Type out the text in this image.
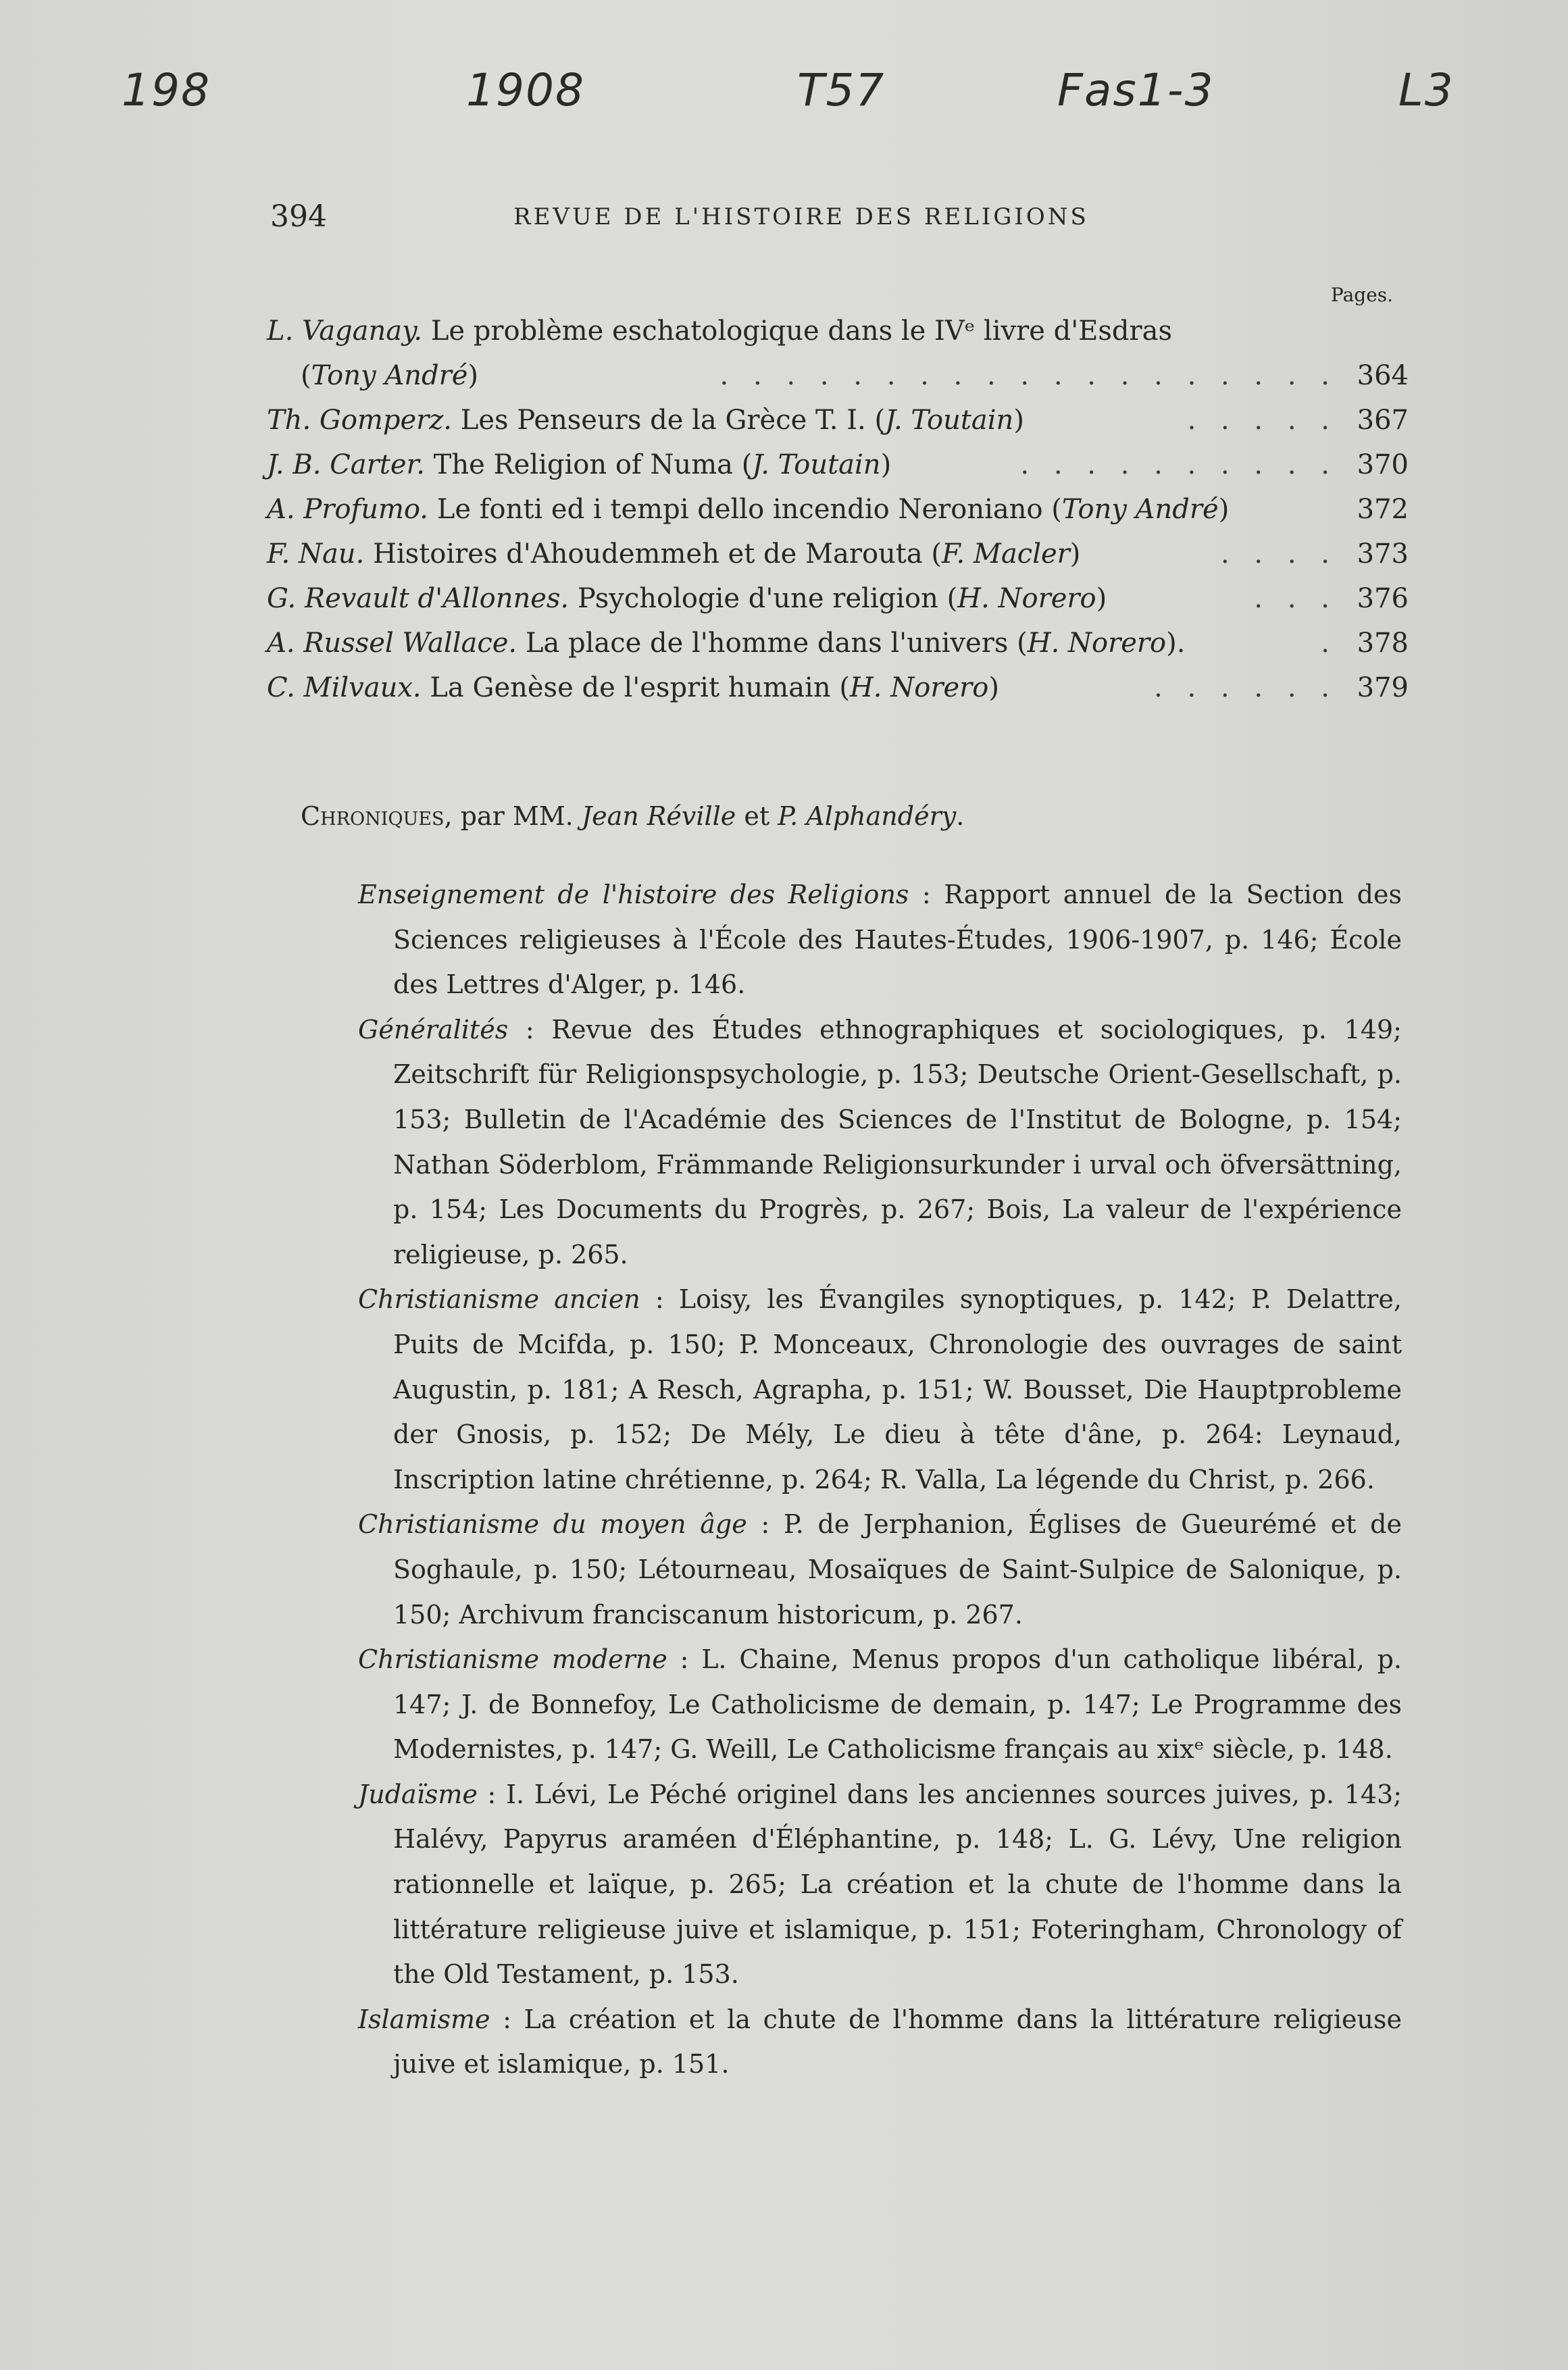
198	1908	T57	Fas1-3	L3
394	REVUE DE L'HISTOIRE DES RELIGIONS
Pages.
L. Vaganay. Le problème eschatologique dans le IVᵉ livre d'Esdras
(Tony André)	. . . . . . . . . . . . . . . . . . . 364
Th. Gomperz. Les Penseurs de la Grèce T. I. (J. Toutain)	. . . . . 367
J. B. Carter. The Religion of Numa (J. Toutain)	. . . . . . . . . . 370
A. Profumo. Le fonti ed i tempi dello incendio Neroniano (Tony André)	372
F. Nau. Histoires d'Ahoudemmeh et de Marouta (F. Macler)	. . . . 373
G. Revault d'Allonnes. Psychologie d'une religion (H. Norero)	. . . 376
A. Russel Wallace. La place de l'homme dans l'univers (H. Norero).	. 378
C. Milvaux. La Genèse de l'esprit humain (H. Norero)	. . . . . . 379
Chroniques, par MM. Jean Réville et P. Alphandéry.
Enseignement de l'histoire des Religions : Rapport annuel de la Section des Sciences religieuses à l'École des Hautes-Études, 1906-1907, p. 146; École des Lettres d'Alger, p. 146.
Généralités : Revue des Études ethnographiques et sociologiques, p. 149; Zeitschrift für Religionspsychologie, p. 153; Deutsche Orient-Gesellschaft, p. 153; Bulletin de l'Académie des Sciences de l'Institut de Bologne, p. 154; Nathan Söderblom, Främmande Religionsurkunder i urval och öfversättning, p. 154; Les Documents du Progrès, p. 267; Bois, La valeur de l'expérience religieuse, p. 265.
Christianisme ancien : Loisy, les Évangiles synoptiques, p. 142; P. Delattre, Puits de Mcifda, p. 150; P. Monceaux, Chronologie des ouvrages de saint Augustin, p. 181; A Resch, Agrapha, p. 151; W. Bousset, Die Hauptprobleme der Gnosis, p. 152; De Mély, Le dieu à tête d'âne, p. 264: Leynaud, Inscription latine chrétienne, p. 264; R. Valla, La légende du Christ, p. 266.
Christianisme du moyen âge : P. de Jerphanion, Églises de Gueurémé et de Soghaule, p. 150; Létourneau, Mosaïques de Saint-Sulpice de Salonique, p. 150; Archivum franciscanum historicum, p. 267.
Christianisme moderne : L. Chaine, Menus propos d'un catholique libéral, p. 147; J. de Bonnefoy, Le Catholicisme de demain, p. 147; Le Programme des Modernistes, p. 147; G. Weill, Le Catholicisme français au xixᵉ siècle, p. 148.
Judaïsme : I. Lévi, Le Péché originel dans les anciennes sources juives, p. 143; Halévy, Papyrus araméen d'Éléphantine, p. 148; L. G. Lévy, Une religion rationnelle et laïque, p. 265; La création et la chute de l'homme dans la littérature religieuse juive et islamique, p. 151; Foteringham, Chronology of the Old Testament, p. 153.
Islamisme : La création et la chute de l'homme dans la littérature religieuse juive et islamique, p. 151.
